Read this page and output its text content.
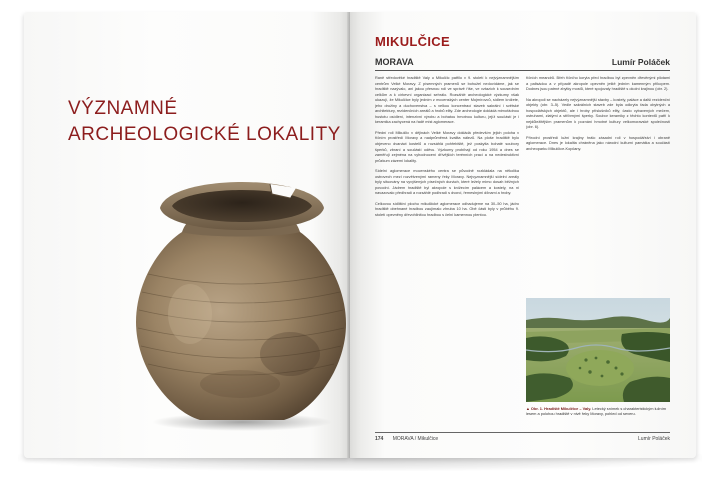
VÝZNAMNÉ
ARCHEOLOGICKÉ LOKALITY
MIKULČICE
MORAVA	Lumír Poláček

Raně středověké hradiště Valy u Mikulčic patřilo v 9. století k nejvýznamnějším centrům Velké Moravy. Z písemných pramenů se bohužel nedovídáme, jak se hradiště nazývalo, ani jakou přesnou roli ve správě říše, ve vztazích k sousedním celkům a k církevní organizaci sehrálo. Rozsáhlé archeologické výzkumy však ukazují, že Mikulčice byly jedním z mocenských center Mojmírovců, sídlem knížete, jeho družiny a duchovenstva – s velkou koncentrací staveb sakrální i světské architektury, rezidenčních areálů a hrobů elity. Zde archeologie dokládá mimořádnou hustotu osídlení, intenzivní výrobu a bohatou hmotnou kulturu, jejíž součástí je i keramika zachycená na řadě míst aglomerace.

Přední roli Mikulčic v dějinách Velké Moravy dokládá především jejich poloha v říčním prostředí Moravy a nadprůměrná kvalita nálezů. Na ploše hradiště bylo objeveno dvanáct kostelů a rozsáhlá pohřebiště, jež poskytla bohaté soubory šperků, zbraní a součástí oděvu. Výzkumy probíhají od roku 1954 a dnes se zaměřují zejména na vyhodnocení dřívějších terénních prací a na nedestruktivní průzkum zázemí lokality.

Sídelní aglomerace mocenského centra se původně rozkládala na několika ostrovech mezi rozvětvenými rameny řeky Moravy. Nejvyznamnější sídelní areály byly situovány na vyvýšených písečných dunách, které ležely mimo dosah běžných povodní. Jádrem hradiště byl akropole s knížecím palácem a kostely, na ni navazovalo předhradí a rozsáhlé podhradí s dvorci, řemeslnými dílnami a hroby.

Celkovou sídlištní plochu mikulčické aglomerace odhadujeme na 30–50 ha, jádro hradiště obehnané hradbou zaujímalo zhruba 10 ha. Obě části byly v průběhu 9. století opevněny dřevohlinitou hradbou s čelní kamennou plentou.

říčních meandrů. Břeh říčního koryta před hradbou byl zpevněn dřevěnými pilotami a palisádou a v případě akropole opevněn ještě jedním kamenným příkopem. Dodnes jsou patrné zbytky mostů, které spojovaly hradiště s okolní krajinou (obr. 2).

Na akropoli se nacházely nejvýznamnější stavby – kostely, paláce a další rezidenční objekty (obr. 3–5). Vedle sakrálních staveb zde byla odkryta řada obytných a hospodářských objektů, ale i hroby příslušníků elity, často vybavených mečem, ostruhami, zlatými a stříbrnými šperky. Soubor keramiky z těchto kontextů patří k nejdůležitějším pramenům k poznání hmotné kultury velkomoravské společnosti (obr. 6).

Přírodní prostředí lužní krajiny hrálo zásadní roli v hospodářství i obraně aglomerace. Dnes je lokalita chráněna jako národní kulturní památka a součástí archeoparku Mikulčice-Kopčany.

▲ Obr. 1. Hradiště Mikulčice – Valy. Letecký snímek s charakteristickým lužním lesem a polohou hradiště v nivě řeky Moravy, pohled od severu.
174 MORAVA / Mikulčice	Lumír Poláček
